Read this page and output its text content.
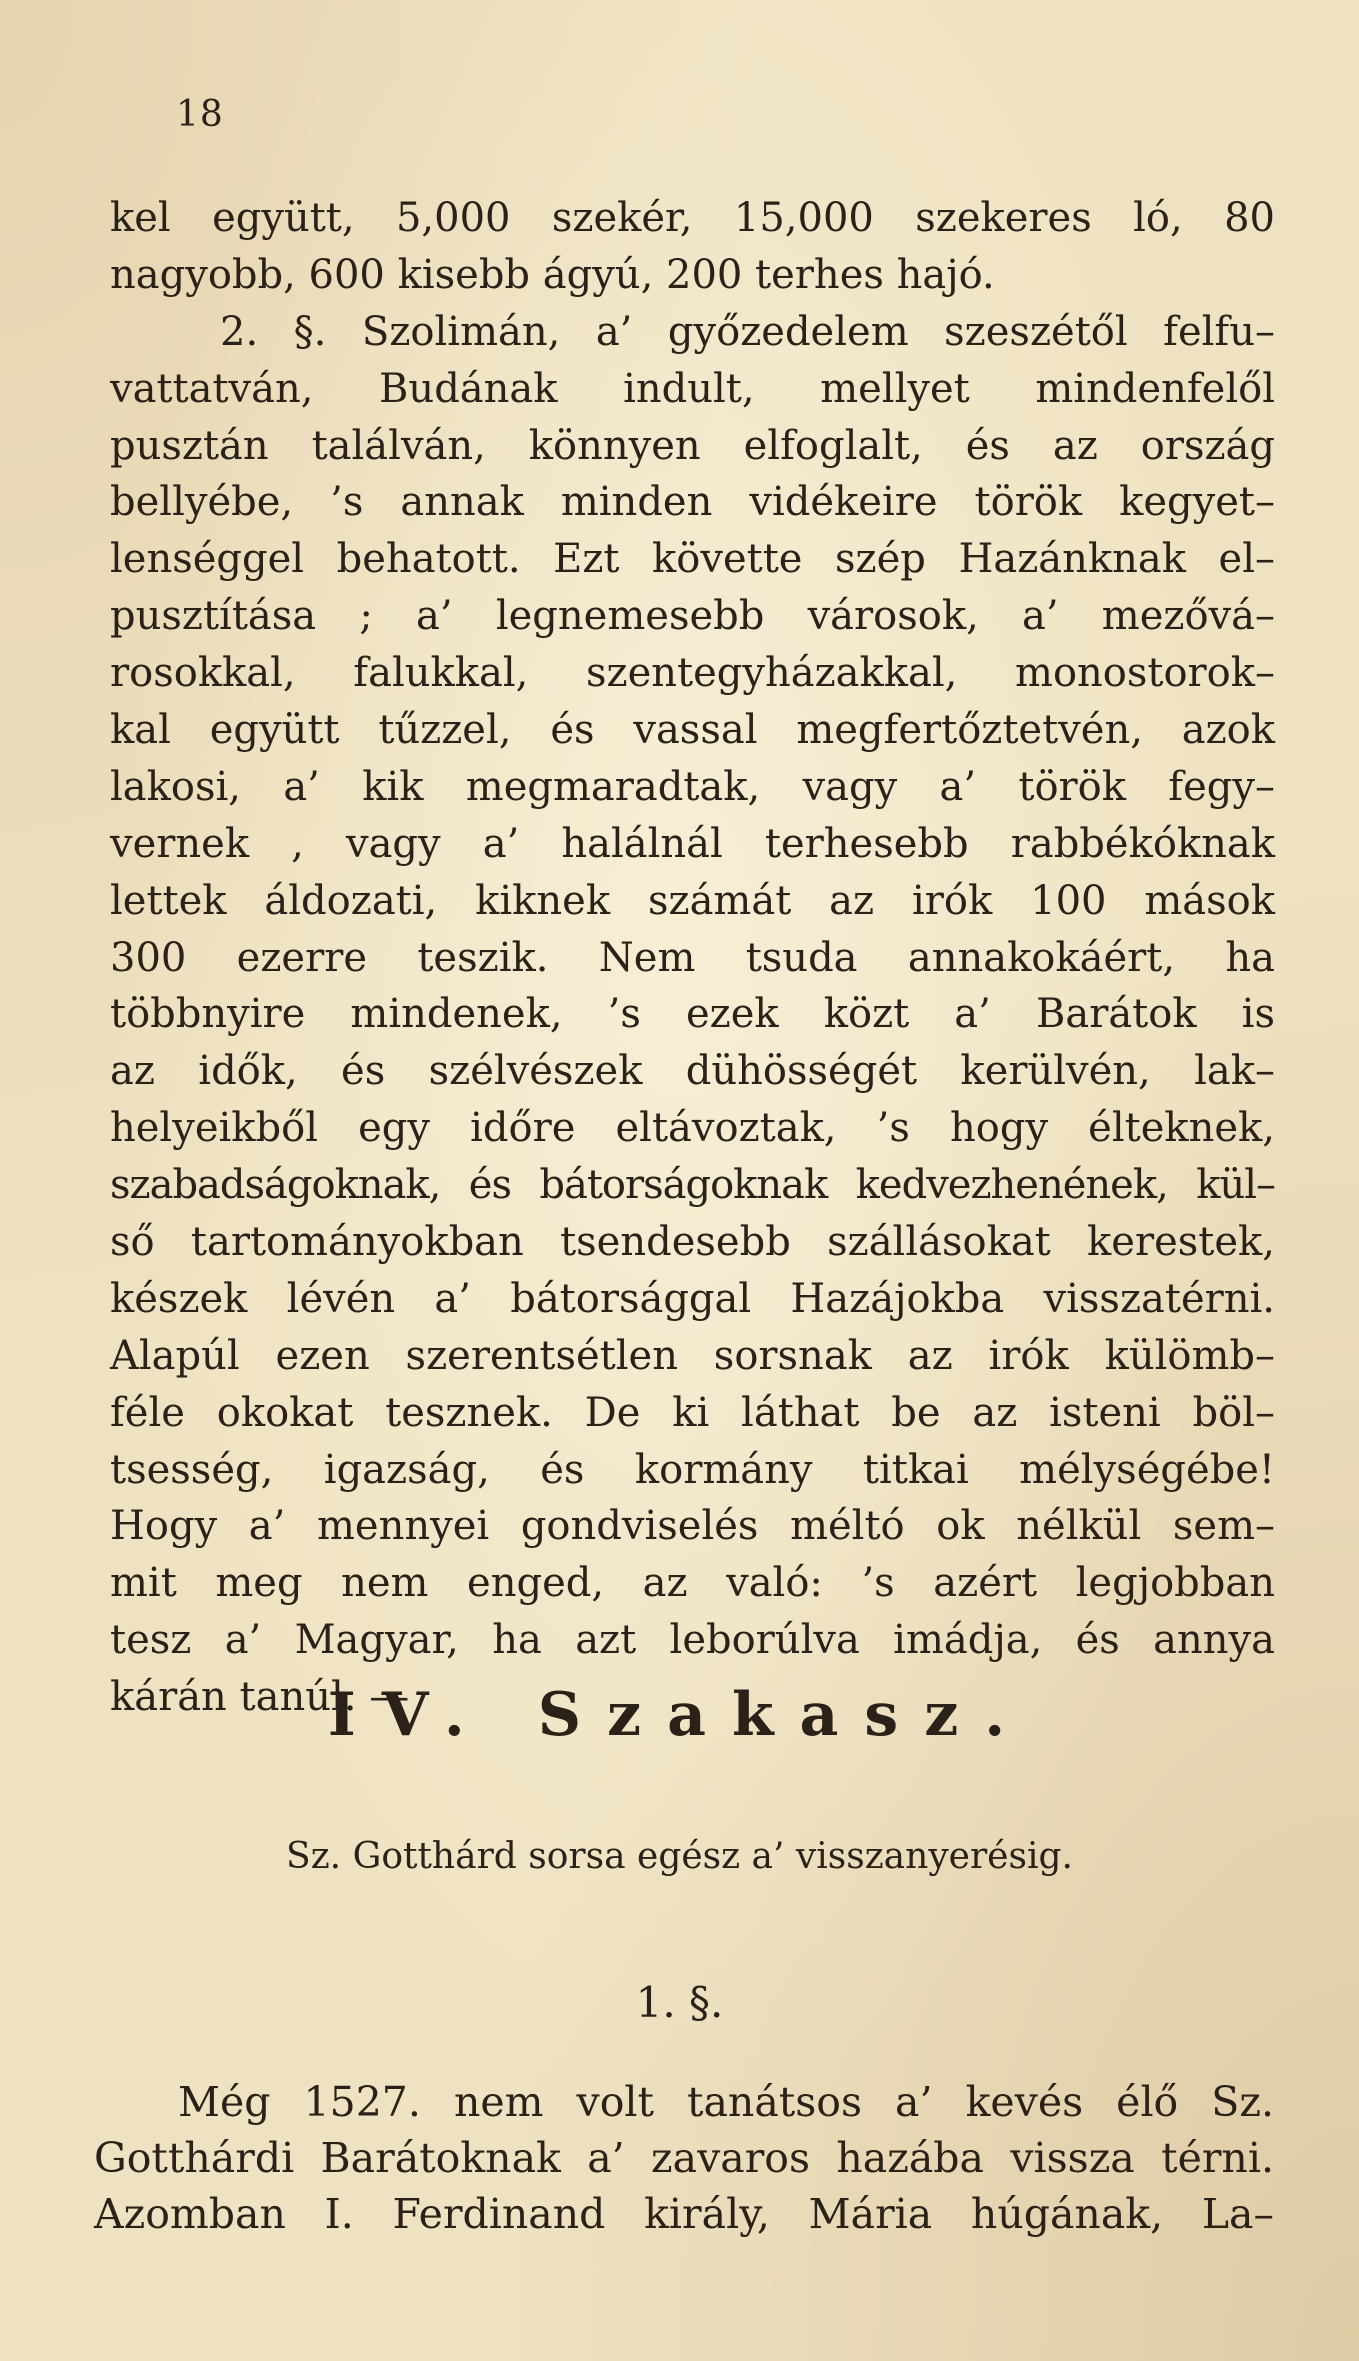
18
kel együtt, 5,000 szekér, 15,000 szekeres ló, 80
nagyobb, 600 kisebb ágyú, 200 terhes hajó.
2. §. Szolimán, a’ győzedelem szeszétől felfu–
vattatván, Budának indult, mellyet mindenfelől
pusztán találván, könnyen elfoglalt, és az ország
bellyébe, ’s annak minden vidékeire török kegyet–
lenséggel behatott. Ezt követte szép Hazánknak el–
pusztítása ; a’ legnemesebb városok, a’ mezővá–
rosokkal, falukkal, szentegyházakkal, monostorok–
kal együtt tűzzel, és vassal megfertőztetvén, azok
lakosi, a’ kik megmaradtak, vagy a’ török fegy–
vernek , vagy a’ halálnál terhesebb rabbékóknak
lettek áldozati, kiknek számát az irók 100 mások
300 ezerre teszik. Nem tsuda annakokáért, ha
többnyire mindenek, ’s ezek közt a’ Barátok is
az idők, és szélvészek dühösségét kerülvén, lak–
helyeikből egy időre eltávoztak, ’s hogy élteknek,
szabadságoknak, és bátorságoknak kedvezhenének, kül–
ső tartományokban tsendesebb szállásokat kerestek,
készek lévén a’ bátorsággal Hazájokba visszatérni.
Alapúl ezen szerentsétlen sorsnak az irók külömb–
féle okokat tesznek. De ki láthat be az isteni böl–
tsesség, igazság, és kormány titkai mélységébe!
Hogy a’ mennyei gondviselés méltó ok nélkül sem–
mit meg nem enged, az való: ’s azért legjobban
tesz a’ Magyar, ha azt leborúlva imádja, és annya
kárán tanúl. —
IV. Szakasz.
Sz. Gotthárd sorsa egész a’ visszanyerésig.
1. §.
Még 1527. nem volt tanátsos a’ kevés élő Sz.
Gotthárdi Barátoknak a’ zavaros hazába vissza térni.
Azomban I. Ferdinand király, Mária húgának, La–
